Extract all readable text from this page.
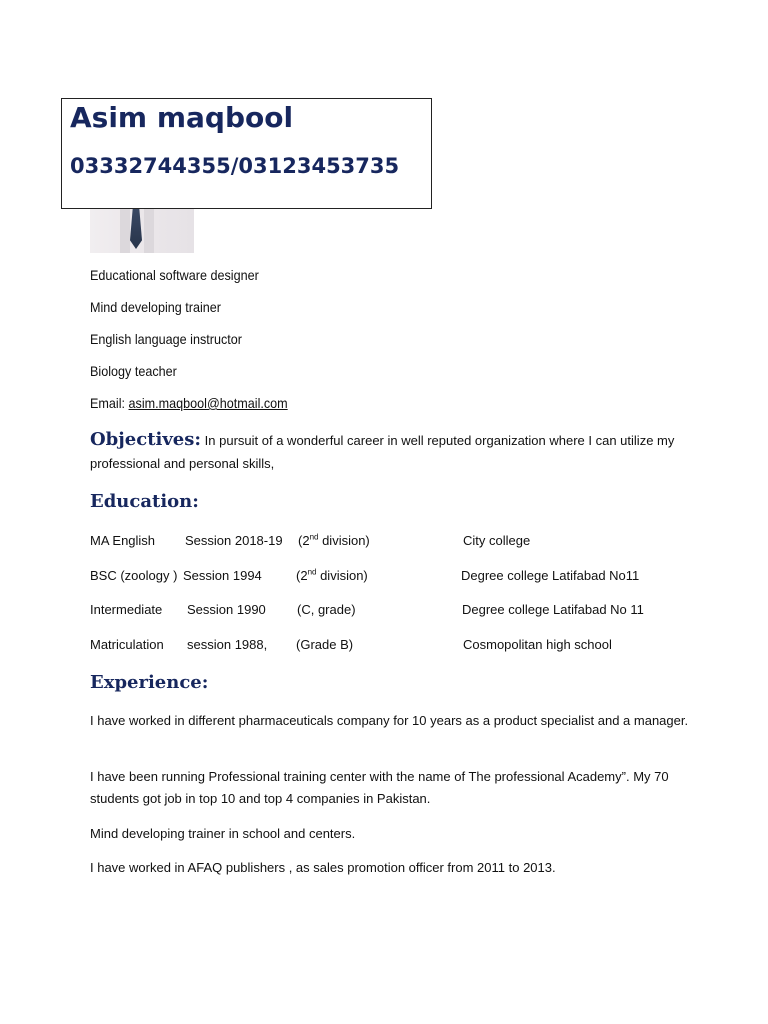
Asim maqbool
03332744355/03123453735
Educational software designer
Mind developing trainer
English language instructor
Biology teacher
Email: asim.maqbool@hotmail.com
Objectives: In pursuit of a wonderful career in well reputed organization where I can utilize my professional and personal skills,
Education:
MA English Session 2018-19 (2nd division)	City college
BSC (zoology ) Session 1994	(2nd division)	Degree college Latifabad No11
Intermediate Session 1990 (C, grade)	Degree college Latifabad No 11
Matriculation session 1988, (Grade B)	Cosmopolitan high school
Experience:
I have worked in different pharmaceuticals company for 10 years as a product specialist and a manager.
I have been running Professional training center with the name of The professional Academy”. My 70 students got job in top 10 and top 4 companies in Pakistan.
Mind developing trainer in school and centers.
I have worked in AFAQ publishers , as sales promotion officer from 2011 to 2013.
